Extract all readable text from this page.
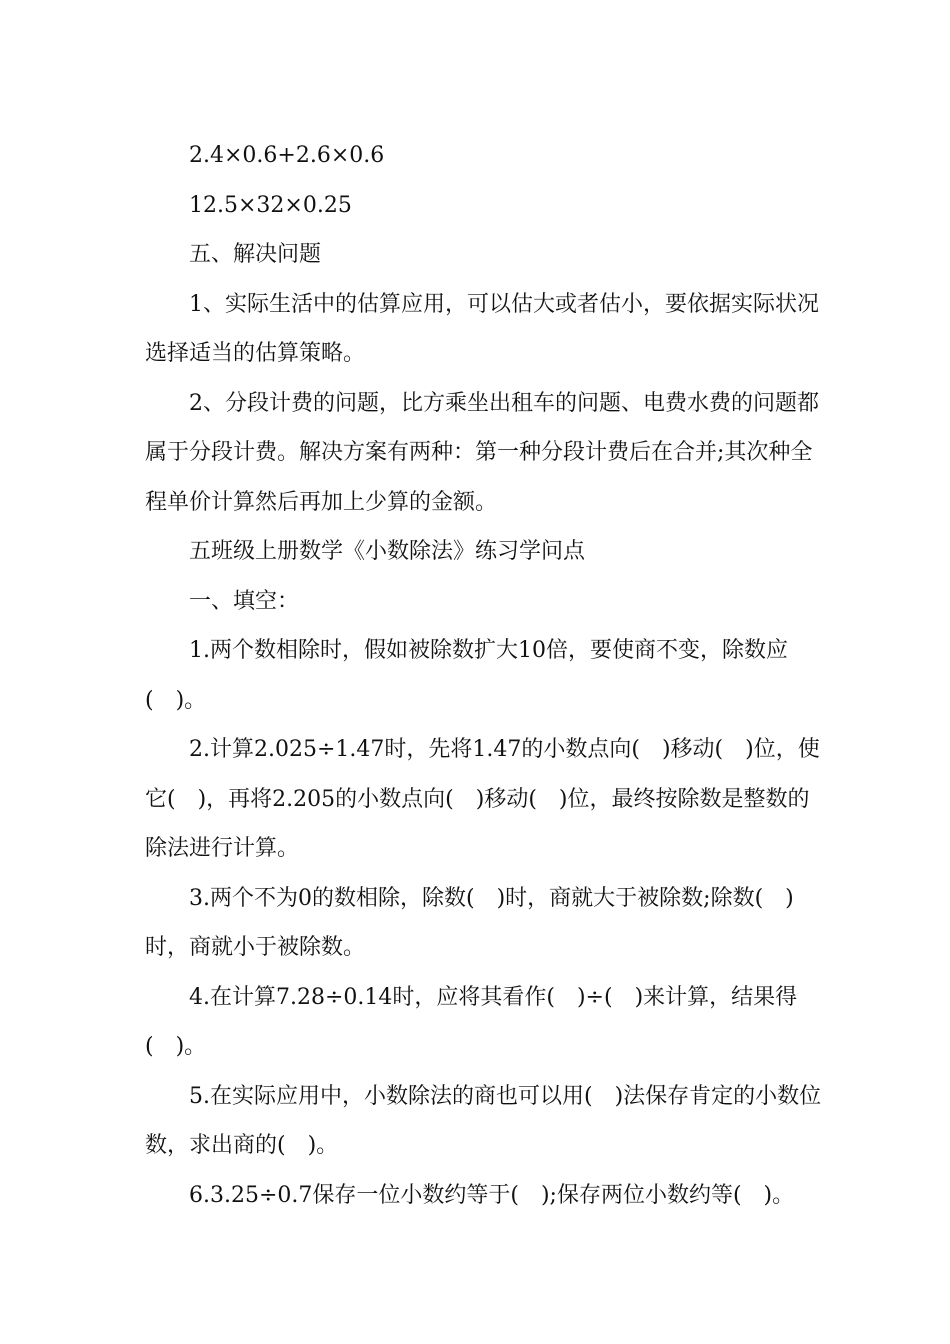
2.4×0.6+2.6×0.6

12.5×32×0.25

五、解决问题

1、实际生活中的估算应用，可以估大或者估小，要依据实际状况选择适当的估算策略。

2、分段计费的问题，比方乘坐出租车的问题、电费水费的问题都属于分段计费。解决方案有两种：第一种分段计费后在合并;其次种全程单价计算然后再加上少算的金额。

五班级上册数学《小数除法》练习学问点

一、填空：

1.两个数相除时，假如被除数扩大10倍，要使商不变，除数应(　)。

2.计算2.025÷1.47时，先将1.47的小数点向(　)移动(　)位，使它(　)，再将2.205的小数点向(　)移动(　)位，最终按除数是整数的除法进行计算。

3.两个不为0的数相除，除数(　)时，商就大于被除数;除数(　)时，商就小于被除数。

4.在计算7.28÷0.14时，应将其看作(　)÷(　)来计算，结果得(　)。

5.在实际应用中，小数除法的商也可以用(　)法保存肯定的小数位数，求出商的(　)。

6.3.25÷0.7保存一位小数约等于(　);保存两位小数约等(　)。
